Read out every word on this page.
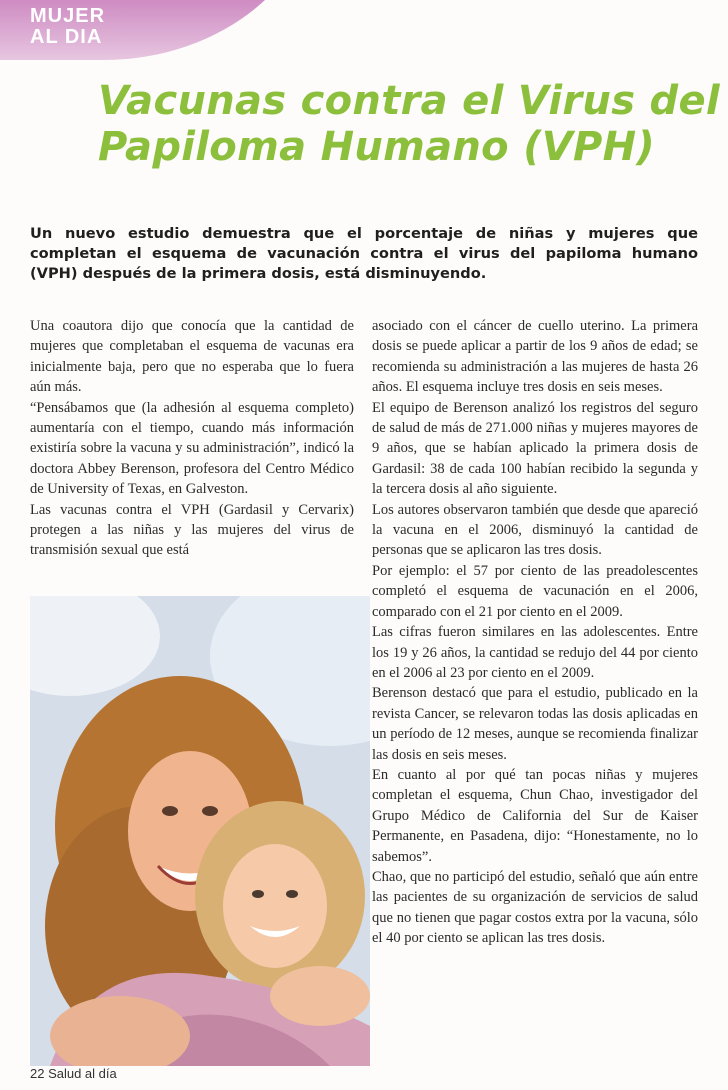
MUJER
AL DIA
Vacunas contra el Virus del
Papiloma Humano (VPH)

Un nuevo estudio demuestra que el porcentaje de niñas y mujeres que completan el esquema de vacunación contra el virus del papiloma humano (VPH) después de la primera dosis, está disminuyendo.

Una coautora dijo que conocía que la cantidad de mujeres que completaban el esquema de vacunas era inicialmente baja, pero que no esperaba que lo fuera aún más.

“Pensábamos que (la adhesión al esquema completo) aumentaría con el tiempo, cuando más información existiría sobre la vacuna y su administración”, indicó la doctora Abbey Berenson, profesora del Centro Médico de University of Texas, en Galveston.

Las vacunas contra el VPH (Gardasil y Cervarix) protegen a las niñas y las mujeres del virus de transmisión sexual que está

asociado con el cáncer de cuello uterino. La primera dosis se puede aplicar a partir de los 9 años de edad; se recomienda su administración a las mujeres de hasta 26 años. El esquema incluye tres dosis en seis meses.

El equipo de Berenson analizó los registros del seguro de salud de más de 271.000 niñas y mujeres mayores de 9 años, que se habían aplicado la primera dosis de Gardasil: 38 de cada 100 habían recibido la segunda y la tercera dosis al año siguiente.

Los autores observaron también que desde que apareció la vacuna en el 2006, disminuyó la cantidad de personas que se aplicaron las tres dosis.

Por ejemplo: el 57 por ciento de las preadolescentes completó el esquema de vacunación en el 2006, comparado con el 21 por ciento en el 2009.

Las cifras fueron similares en las adolescentes. Entre los 19 y 26 años, la cantidad se redujo del 44 por ciento en el 2006 al 23 por ciento en el 2009.

Berenson destacó que para el estudio, publicado en la revista Cancer, se relevaron todas las dosis aplicadas en un período de 12 meses, aunque se recomienda finalizar las dosis en seis meses.

En cuanto al por qué tan pocas niñas y mujeres completan el esquema, Chun Chao, investigador del Grupo Médico de California del Sur de Kaiser Permanente, en Pasadena, dijo: “Honestamente, no lo sabemos”.

Chao, que no participó del estudio, señaló que aún entre las pacientes de su organización de servicios de salud que no tienen que pagar costos extra por la vacuna, sólo el 40 por ciento se aplican las tres dosis.

22 Salud al día
